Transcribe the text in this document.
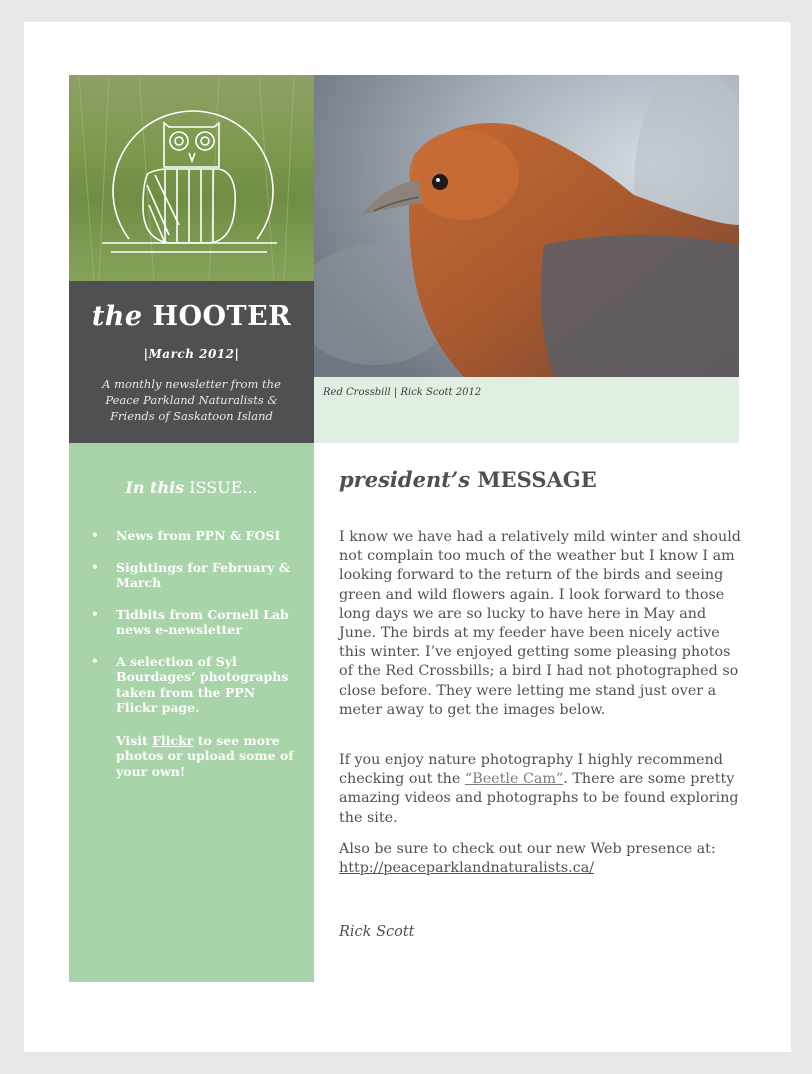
the HOOTER
|March 2012|
A monthly newsletter from the Peace Parkland Naturalists & Friends of Saskatoon Island
Red Crossbill | Rick Scott 2012
In this ISSUE...
• News from PPN & FOSI
• Sightings for February & March
• Tidbits from Cornell Lab news e-newsletter
• A selection of Syl Bourdages’ photographs taken from the PPN Flickr page.
Visit Flickr to see more photos or upload some of your own!
president’s MESSAGE

I know we have had a relatively mild winter and should not complain too much of the weather but I know I am looking forward to the return of the birds and seeing green and wild flowers again. I look forward to those long days we are so lucky to have here in May and June. The birds at my feeder have been nicely active this winter. I’ve enjoyed getting some pleasing photos of the Red Crossbills; a bird I had not photographed so close before. They were letting me stand just over a meter away to get the images below.

If you enjoy nature photography I highly recommend checking out the “Beetle Cam”. There are some pretty amazing videos and photographs to be found exploring the site.

Also be sure to check out our new Web presence at:
http://peaceparklandnaturalists.ca/

Rick Scott
